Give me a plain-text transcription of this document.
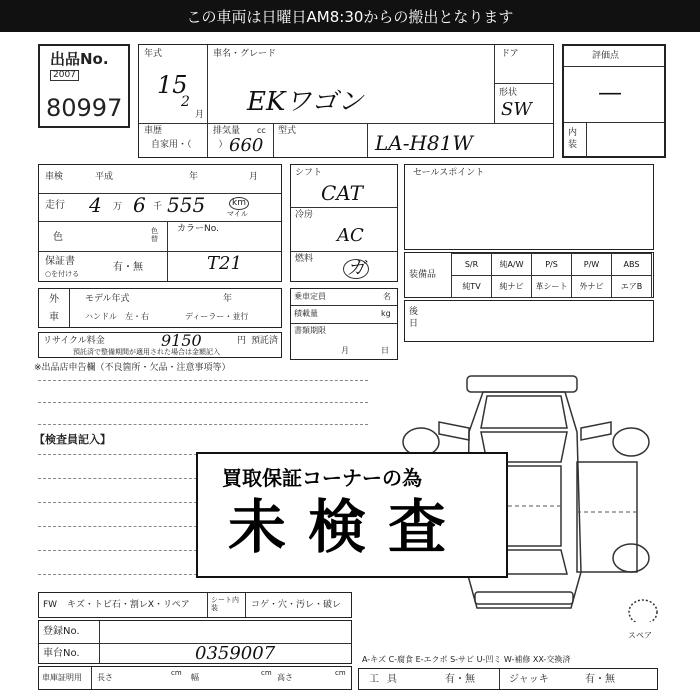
この車両は日曜日AM8:30からの搬出となります
出品No.
2007
80997
年式
15
2
月
車名・グレード
EKワゴン
ドア
形状
SW
車歴
自家用・（　　　）
排気量 cc
660
型式	LA-H81W
評価点
—
内装
車検	平成	年	月
走行 4 万 6 千 555	km
マイル
色
色替
カラーNo.
T21
保証書
○を付ける
有・無
シフト
CAT
冷房
AC
燃料 ガ
セールスポイント
装備品
S/R	純A/W	P/S	P/W	ABS
純TV	純ナビ	革シート	外ナビ	エアB
外
車
モデル年式	年
ハンドル　左・右	ディーラー・並行
乗車定員	名
積載量	kg
書類期限
月	日
後日
リサイクル料金	9150	円 預託済
預託済で整備期間が適用された場合は金額記入
※出品店申告欄（不良箇所・欠品・注意事項等）
【検査員記入】
スペア
買取保証コーナーの為
未検査
FW キズ・トビ石・割レX・リペア	シート内装	コゲ・穴・汚レ・破レ
登録No.
車台No.	0359007
車庫証明用 長さ	cm 幅	cm 高さ	cm
A-キズ C-腐食 E-エクボ S-サビ U-凹ミ W-補修 XX-交換済
工具	有・無	ジャッキ	有・無
